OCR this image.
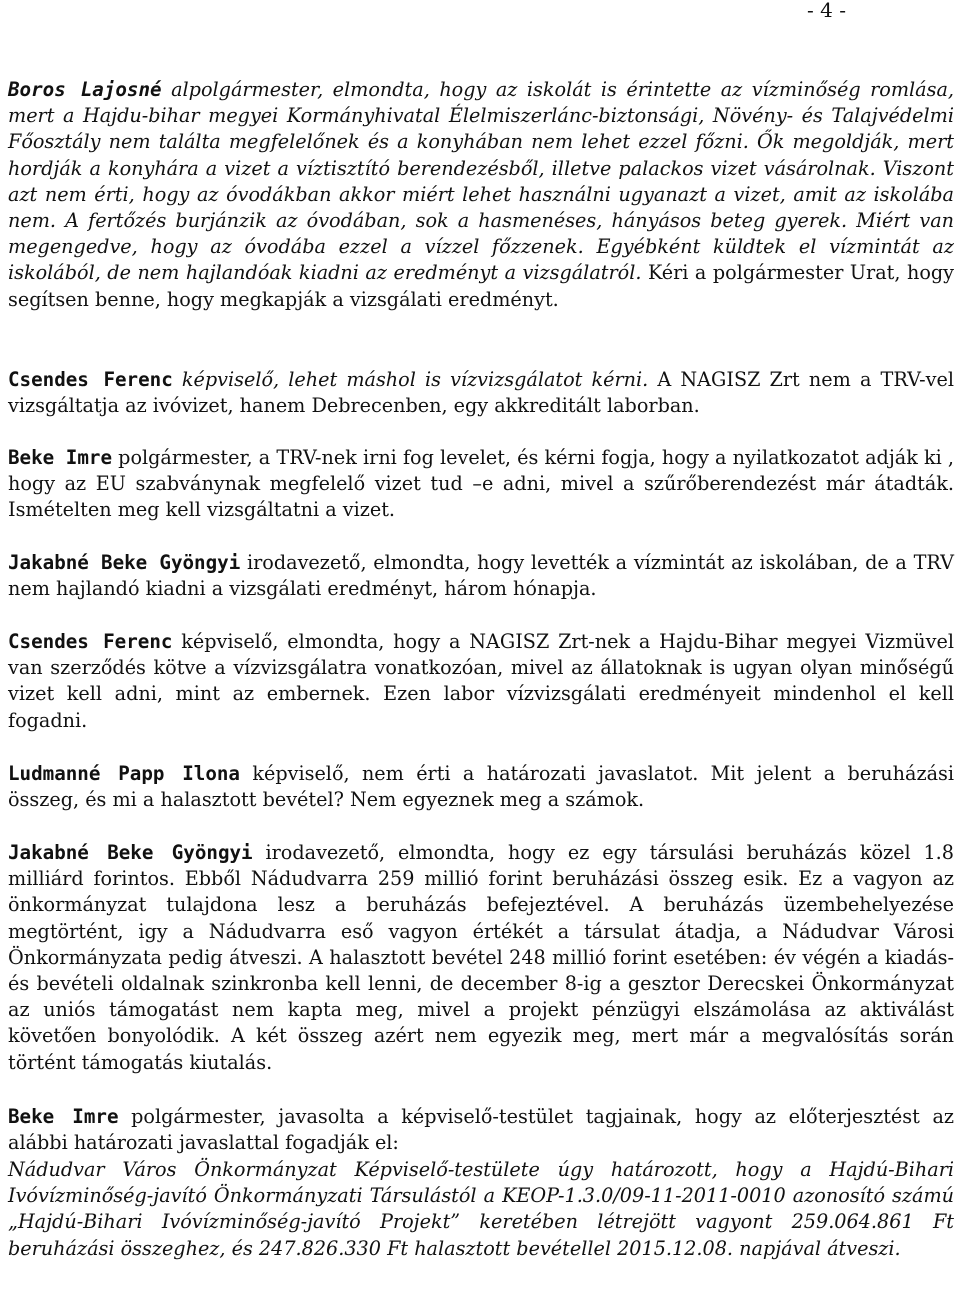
- 4 -

Boros Lajosné alpolgármester, elmondta, hogy az iskolát is érintette az vízminőség romlása, mert a Hajdu-bihar megyei Kormányhivatal Élelmiszerlánc-biztonsági, Növény- és Talajvédelmi Főosztály nem találta megfelelőnek és a konyhában nem lehet ezzel főzni. Ők megoldják, mert hordják a konyhára a vizet a víztisztító berendezésből, illetve palackos vizet vásárolnak. Viszont azt nem érti, hogy az óvodákban akkor miért lehet használni ugyanazt a vizet, amit az iskolába nem. A fertőzés burjánzik az óvodában, sok a hasmenéses, hányásos beteg gyerek. Miért van megengedve, hogy az óvodába ezzel a vízzel főzzenek. Egyébként küldtek el vízmintát az iskolából, de nem hajlandóak kiadni az eredményt a vizsgálatról. Kéri a polgármester Urat, hogy segítsen benne, hogy megkapják a vizsgálati eredményt.

Csendes Ferenc képviselő, lehet máshol is vízvizsgálatot kérni. A NAGISZ Zrt nem a TRV-vel vizsgáltatja az ivóvizet, hanem Debrecenben, egy akkreditált laborban.

Beke Imre polgármester, a TRV-nek irni fog levelet, és kérni fogja, hogy a nyilatkozatot adják ki , hogy az EU szabványnak megfelelő vizet tud –e adni, mivel a szűrőberendezést már átadták. Ismételten meg kell vizsgáltatni a vizet.

Jakabné Beke Gyöngyi irodavezető, elmondta, hogy levették a vízmintát az iskolában, de a TRV nem hajlandó kiadni a vizsgálati eredményt, három hónapja.

Csendes Ferenc képviselő, elmondta, hogy a NAGISZ Zrt-nek a Hajdu-Bihar megyei Vizmüvel van szerződés kötve a vízvizsgálatra vonatkozóan, mivel az állatoknak is ugyan olyan minőségű vizet kell adni, mint az embernek. Ezen labor vízvizsgálati eredményeit mindenhol el kell fogadni.

Ludmanné Papp Ilona képviselő, nem érti a határozati javaslatot. Mit jelent a beruházási összeg, és mi a halasztott bevétel? Nem egyeznek meg a számok.

Jakabné Beke Gyöngyi irodavezető, elmondta, hogy ez egy társulási beruházás közel 1.8 milliárd forintos. Ebből Nádudvarra 259 millió forint beruházási összeg esik. Ez a vagyon az önkormányzat tulajdona lesz a beruházás befejeztével. A beruházás üzembehelyezése megtörtént, igy a Nádudvarra eső vagyon értékét a társulat átadja, a Nádudvar Városi Önkormányzata pedig átveszi. A halasztott bevétel 248 millió forint esetében: év végén a kiadás- és bevételi oldalnak szinkronba kell lenni, de december 8-ig a gesztor Derecskei Önkormányzat az uniós támogatást nem kapta meg, mivel a projekt pénzügyi elszámolása az aktiválást követően bonyolódik. A két összeg azért nem egyezik meg, mert már a megvalósítás során történt támogatás kiutalás.

Beke Imre polgármester, javasolta a képviselő-testület tagjainak, hogy az előterjesztést az alábbi határozati javaslattal fogadják el:

Nádudvar Város Önkormányzat Képviselő-testülete úgy határozott, hogy a Hajdú-Bihari Ivóvízminőség-javító Önkormányzati Társulástól a KEOP-1.3.0/09-11-2011-0010 azonosító számú „Hajdú-Bihari Ivóvízminőség-javító Projekt” keretében létrejött vagyont 259.064.861 Ft beruházási összeghez, és 247.826.330 Ft halasztott bevétellel 2015.12.08. napjával átveszi.
